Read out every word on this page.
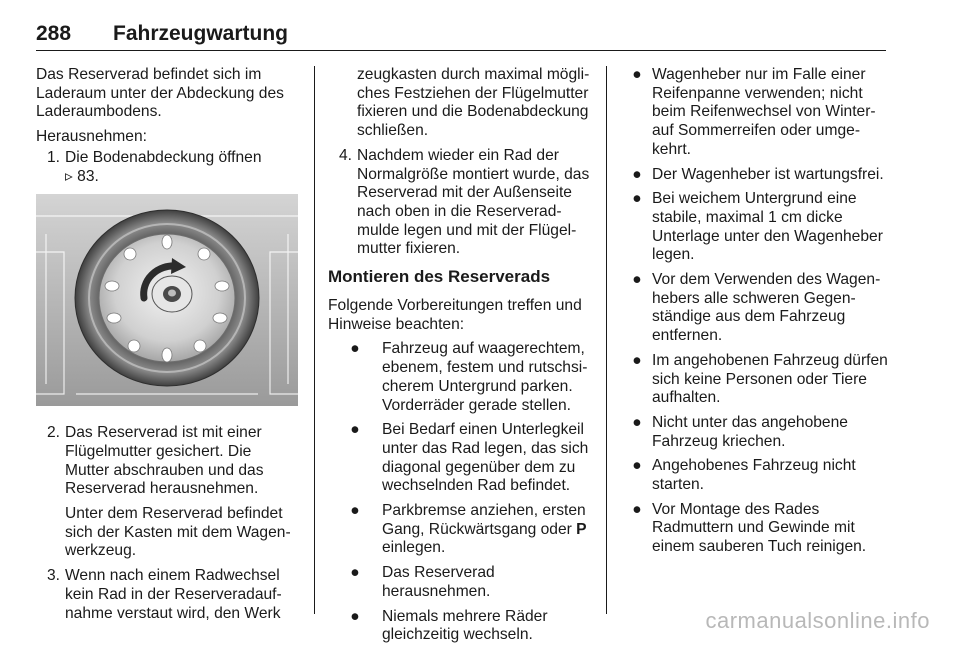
288 Fahrzeugwartung

Das Reserverad befindet sich im Laderaum unter der Abdeckung des Laderaumbodens.

Herausnehmen:

1. Die Bodenabdeckung öffnen
▹ 83.
2. Das Reserverad ist mit einer Flügelmutter gesichert. Die Mutter abschrauben und das Reserverad herausnehmen.

Unter dem Reserverad befindet sich der Kasten mit dem Wagenwerkzeug.

3. Wenn nach einem Radwechsel kein Rad in der Reserveradaufnahme verstaut wird, den Werk

zeugkasten durch maximal mögliches Festziehen der Flügelmutter fixieren und die Bodenabdeckung schließen.

4. Nachdem wieder ein Rad der Normalgröße montiert wurde, das Reserverad mit der Außenseite nach oben in die Reserveradmulde legen und mit der Flügelmutter fixieren.
Montieren des Reserverads

Folgende Vorbereitungen treffen und Hinweise beachten:

●	Fahrzeug auf waagerechtem, ebenem, festem und rutschsicherem Untergrund parken. Vorderräder gerade stellen.
●	Bei Bedarf einen Unterlegkeil unter das Rad legen, das sich diagonal gegenüber dem zu wechselnden Rad befindet.
●	Parkbremse anziehen, ersten Gang, Rückwärtsgang oder P
einlegen.
●	Das Reserverad herausnehmen.
●	Niemals mehrere Räder gleichzeitig wechseln.
● Wagenheber nur im Falle einer Reifenpanne verwenden; nicht beim Reifenwechsel von Winter- auf Sommerreifen oder umgekehrt.
● Der Wagenheber ist wartungsfrei.
● Bei weichem Untergrund eine stabile, maximal 1 cm dicke Unterlage unter den Wagenheber legen.
● Vor dem Verwenden des Wagenhebers alle schweren Gegenständige aus dem Fahrzeug entfernen.
● Im angehobenen Fahrzeug dürfen sich keine Personen oder Tiere aufhalten.
● Nicht unter das angehobene Fahrzeug kriechen.
● Angehobenes Fahrzeug nicht starten.
● Vor Montage des Rades Radmuttern und Gewinde mit einem sauberen Tuch reinigen.
carmanualsonline.info
